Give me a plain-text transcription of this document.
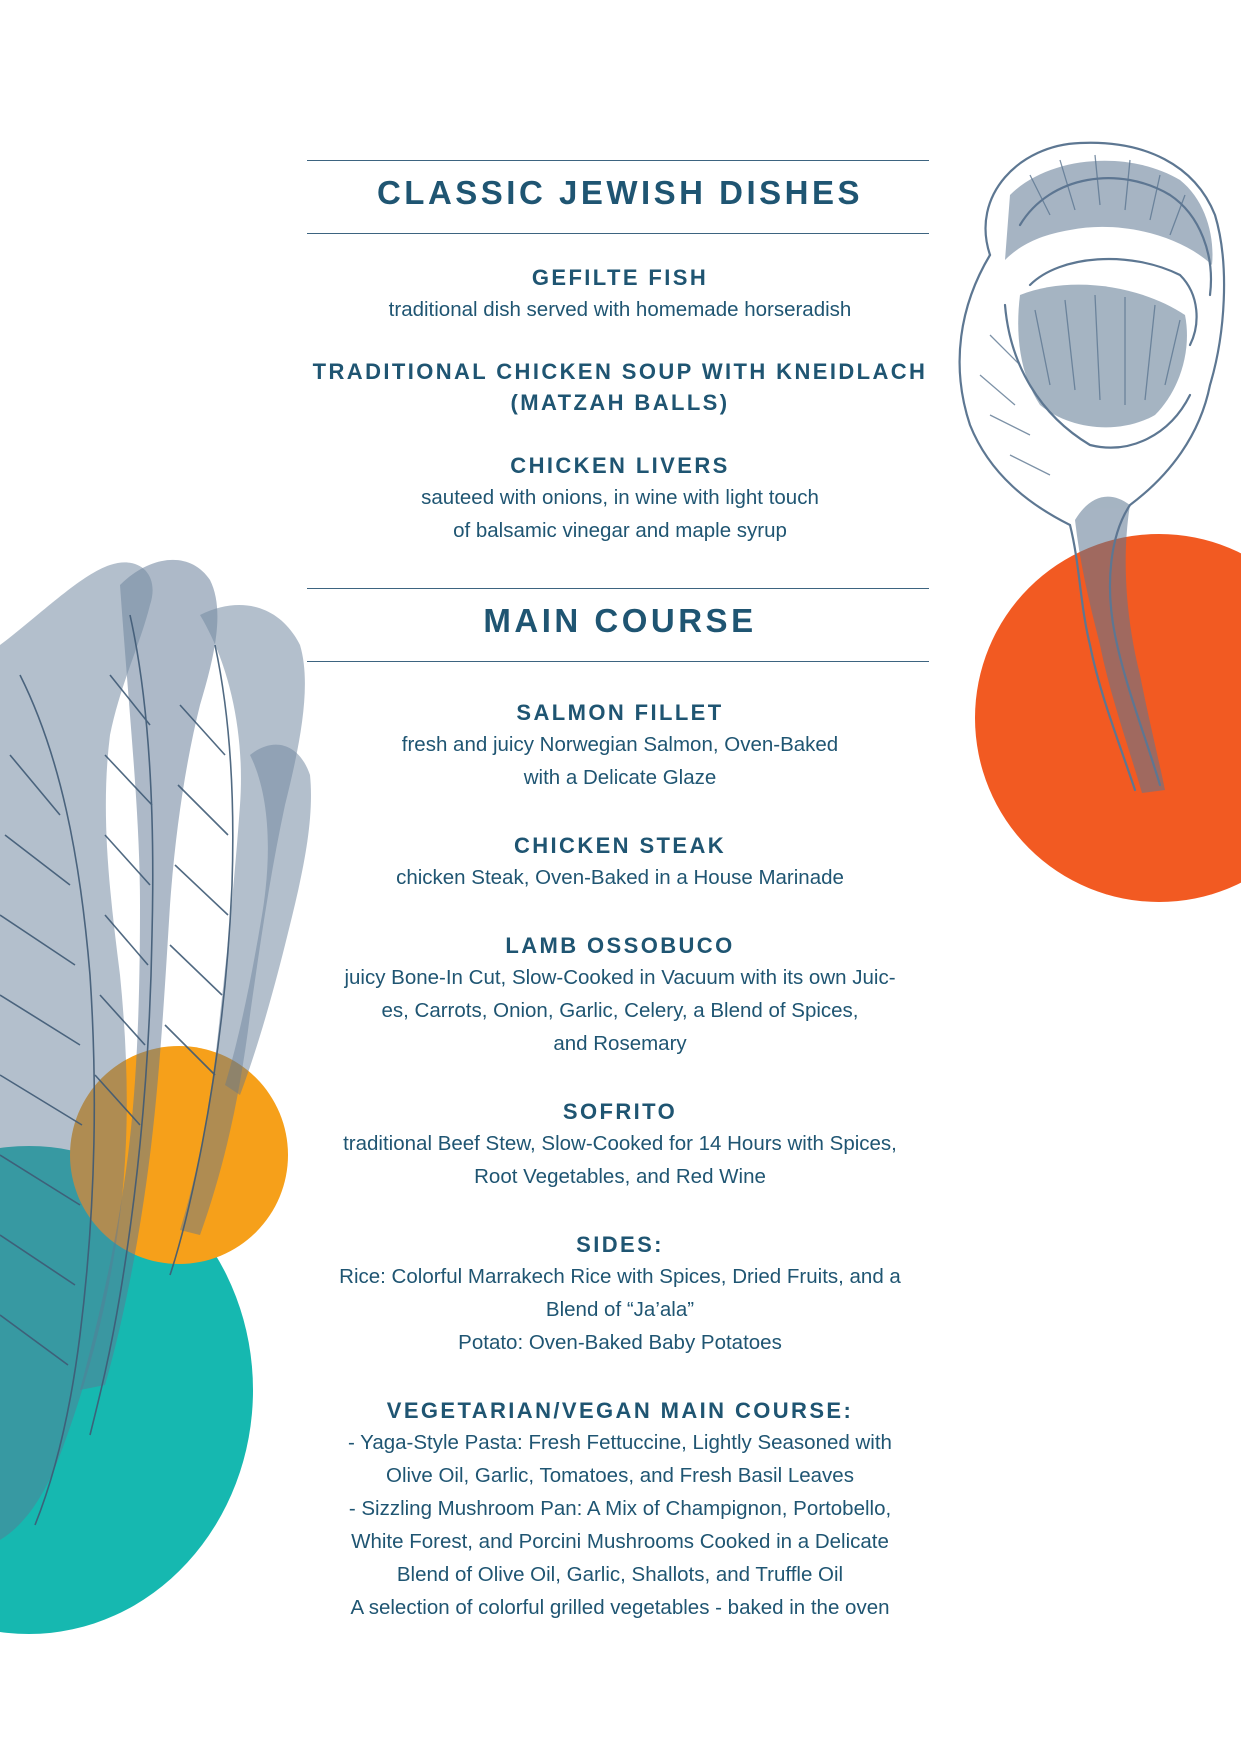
CLASSIC JEWISH DISHES
GEFILTE FISH
traditional dish served with homemade horseradish
TRADITIONAL CHICKEN SOUP WITH KNEIDLACH (MATZAH BALLS)
CHICKEN LIVERS
sauteed with onions, in wine with light touch
of balsamic vinegar and maple syrup
MAIN COURSE
SALMON FILLET
fresh and juicy Norwegian Salmon, Oven-Baked
with a Delicate Glaze
CHICKEN STEAK
chicken Steak, Oven-Baked in a House Marinade
LAMB OSSOBUCO
juicy Bone-In Cut, Slow-Cooked in Vacuum with its own Juic-
es, Carrots, Onion, Garlic, Celery, a Blend of Spices,
and Rosemary
SOFRITO
traditional Beef Stew, Slow-Cooked for 14 Hours with Spices,
Root Vegetables, and Red Wine
SIDES:
Rice: Colorful Marrakech Rice with Spices, Dried Fruits, and a
Blend of “Ja’ala”
Potato: Oven-Baked Baby Potatoes
VEGETARIAN/VEGAN MAIN COURSE:
- Yaga-Style Pasta: Fresh Fettuccine, Lightly Seasoned with
Olive Oil, Garlic, Tomatoes, and Fresh Basil Leaves
- Sizzling Mushroom Pan: A Mix of Champignon, Portobello,
White Forest, and Porcini Mushrooms Cooked in a Delicate
Blend of Olive Oil, Garlic, Shallots, and Truffle Oil
A selection of colorful grilled vegetables - baked in the oven
